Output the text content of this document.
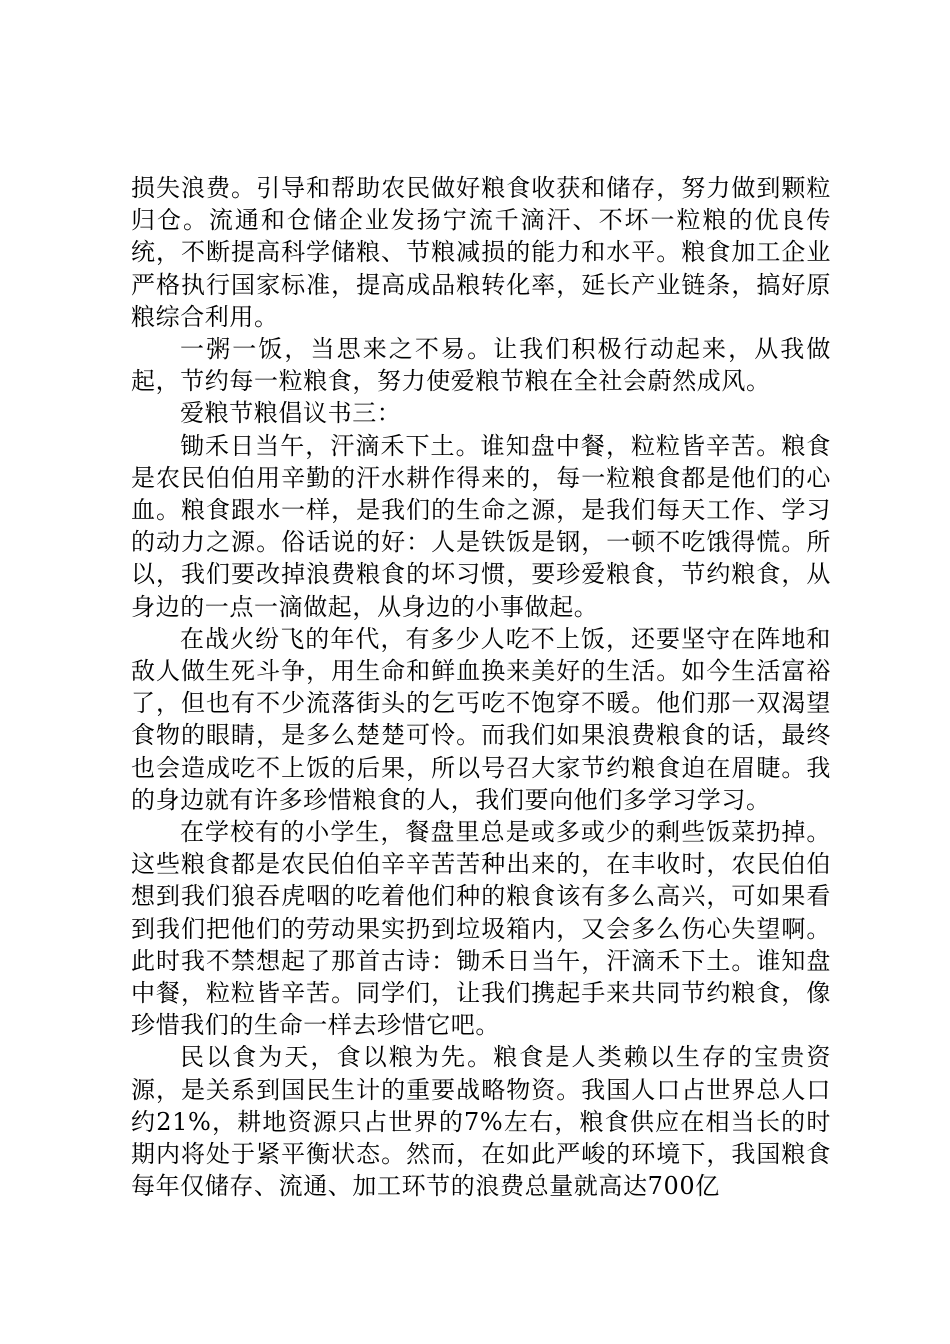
损失浪费。引导和帮助农民做好粮食收获和储存，努力做到颗粒归仓。流通和仓储企业发扬宁流千滴汗、不坏一粒粮的优良传统，不断提高科学储粮、节粮减损的能力和水平。粮食加工企业严格执行国家标准，提高成品粮转化率，延长产业链条，搞好原粮综合利用。

一粥一饭，当思来之不易。让我们积极行动起来，从我做起，节约每一粒粮食，努力使爱粮节粮在全社会蔚然成风。

爱粮节粮倡议书三：

锄禾日当午，汗滴禾下土。谁知盘中餐，粒粒皆辛苦。粮食是农民伯伯用辛勤的汗水耕作得来的，每一粒粮食都是他们的心血。粮食跟水一样，是我们的生命之源，是我们每天工作、学习的动力之源。俗话说的好：人是铁饭是钢，一顿不吃饿得慌。所以，我们要改掉浪费粮食的坏习惯，要珍爱粮食，节约粮食，从身边的一点一滴做起，从身边的小事做起。

在战火纷飞的年代，有多少人吃不上饭，还要坚守在阵地和敌人做生死斗争，用生命和鲜血换来美好的生活。如今生活富裕了，但也有不少流落街头的乞丐吃不饱穿不暖。他们那一双渴望食物的眼睛，是多么楚楚可怜。而我们如果浪费粮食的话，最终也会造成吃不上饭的后果，所以号召大家节约粮食迫在眉睫。我的身边就有许多珍惜粮食的人，我们要向他们多学习学习。

在学校有的小学生，餐盘里总是或多或少的剩些饭菜扔掉。这些粮食都是农民伯伯辛辛苦苦种出来的，在丰收时，农民伯伯想到我们狼吞虎咽的吃着他们种的粮食该有多么高兴，可如果看到我们把他们的劳动果实扔到垃圾箱内，又会多么伤心失望啊。此时我不禁想起了那首古诗：锄禾日当午，汗滴禾下土。谁知盘中餐，粒粒皆辛苦。同学们，让我们携起手来共同节约粮食，像珍惜我们的生命一样去珍惜它吧。

民以食为天，食以粮为先。粮食是人类赖以生存的宝贵资源，是关系到国民生计的重要战略物资。我国人口占世界总人口约21%，耕地资源只占世界的7%左右，粮食供应在相当长的时期内将处于紧平衡状态。然而，在如此严峻的环境下，我国粮食每年仅储存、流通、加工环节的浪费总量就高达700亿
